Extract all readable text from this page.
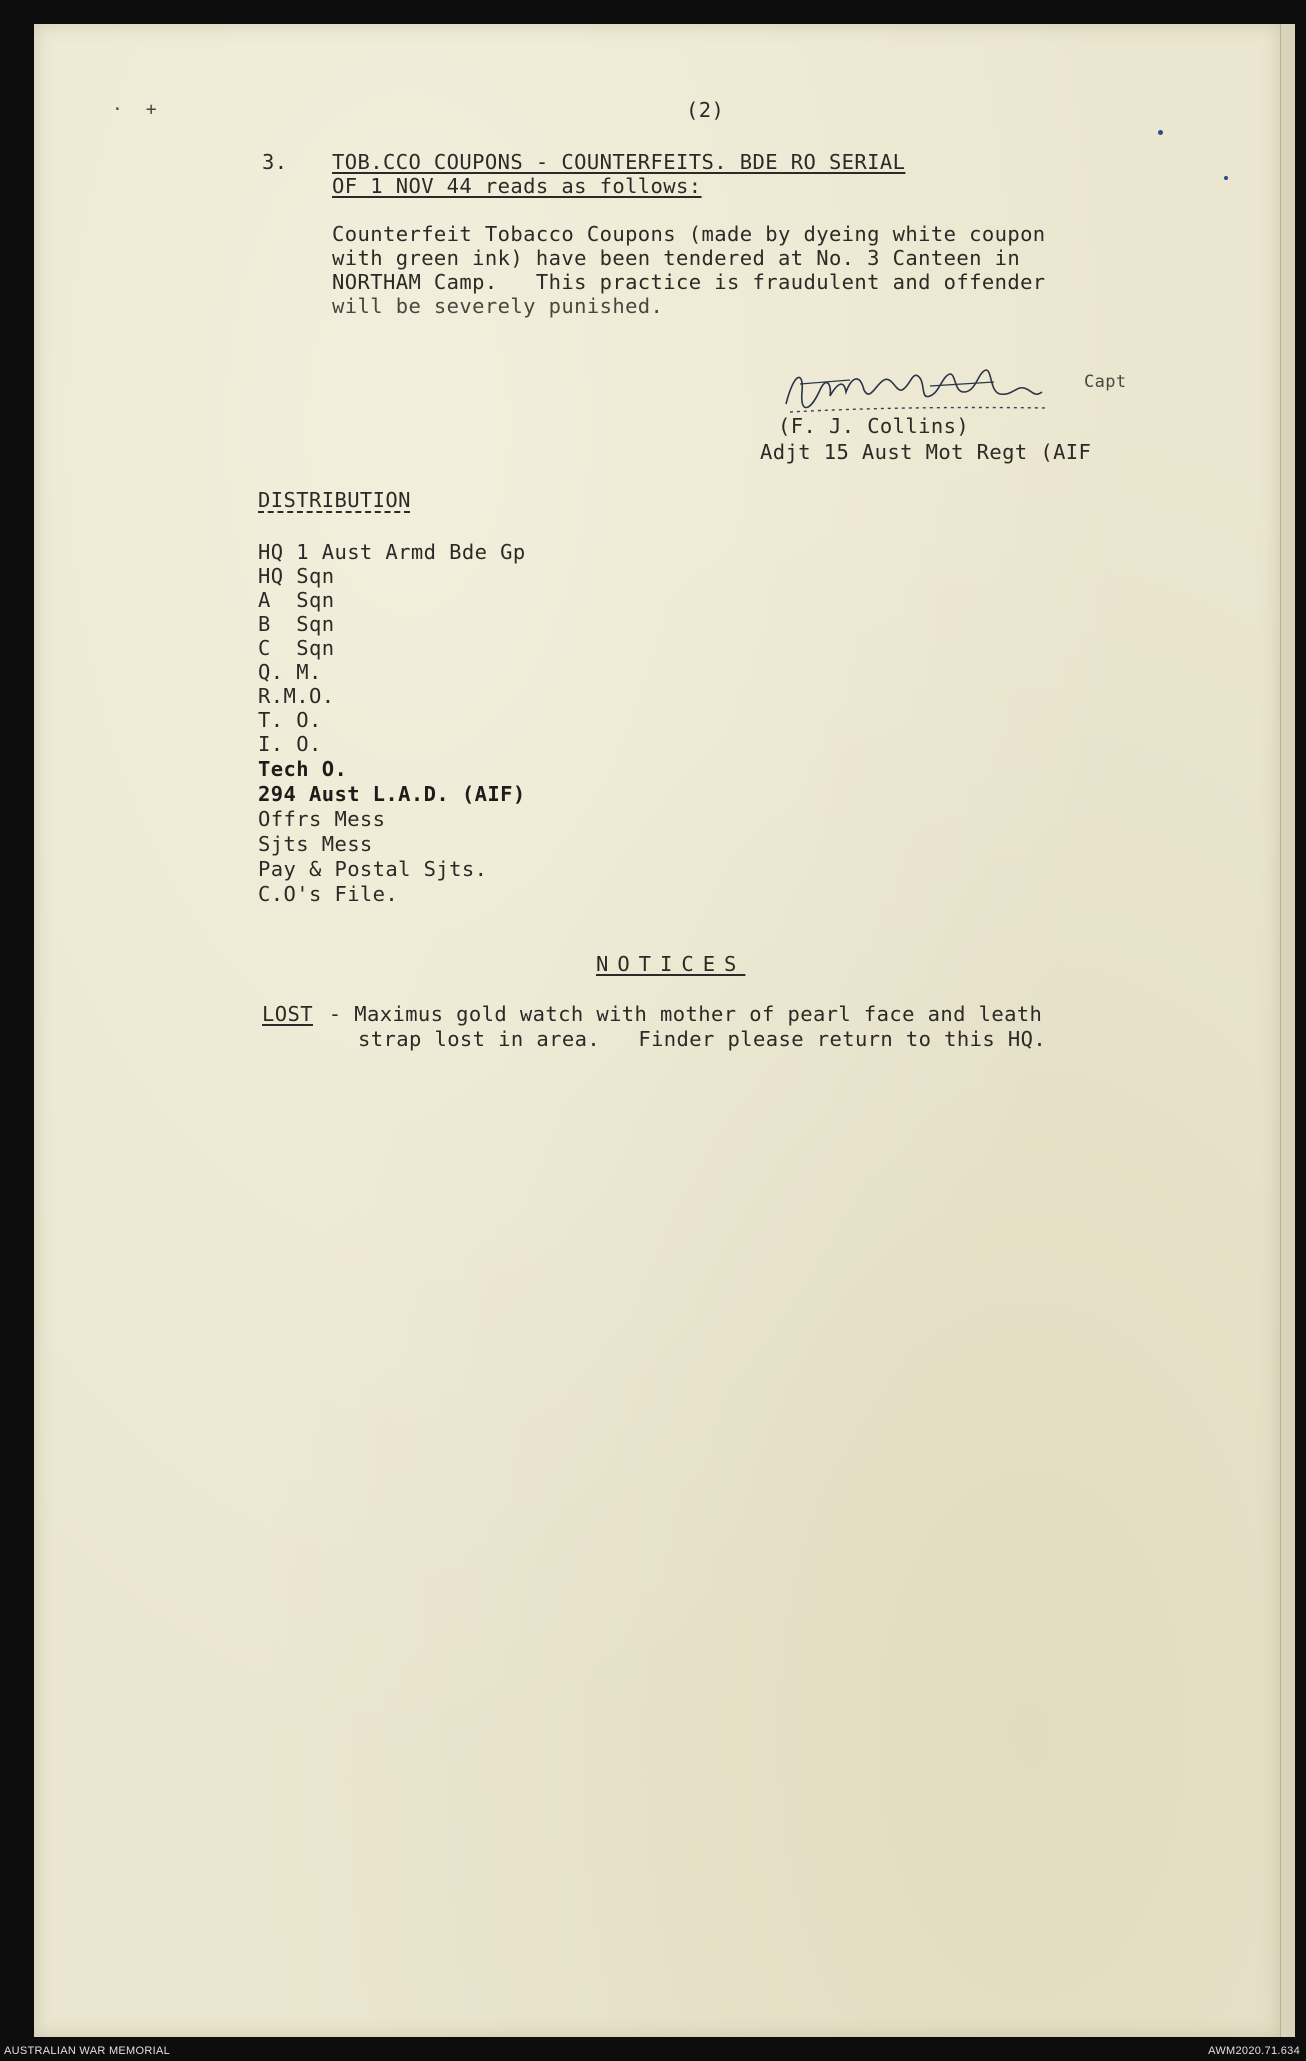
·  +	(2)
3. TOB.CCO COUPONS - COUNTERFEITS. BDE RO SERIAL
OF 1 NOV 44 reads as follows:
Counterfeit Tobacco Coupons (made by dyeing white coupon
with green ink) have been tendered at No. 3 Canteen in
NORTHAM Camp.   This practice is fraudulent and offender
will be severely punished.
Capt
(F. J. Collins)
Adjt 15 Aust Mot Regt (AIF
DISTRIBUTION
HQ 1 Aust Armd Bde Gp
HQ Sqn
A  Sqn
B  Sqn
C  Sqn
Q. M.
R.M.O.
T. O.
I. O.
Tech O.
294 Aust L.A.D. (AIF)
Offrs Mess
Sjts Mess
Pay & Postal Sjts.
C.O's File.
NOTICES
LOST - Maximus gold watch with mother of pearl face and leath
strap lost in area.   Finder please return to this HQ.
AUSTRALIAN WAR MEMORIAL	AWM2020.71.634
